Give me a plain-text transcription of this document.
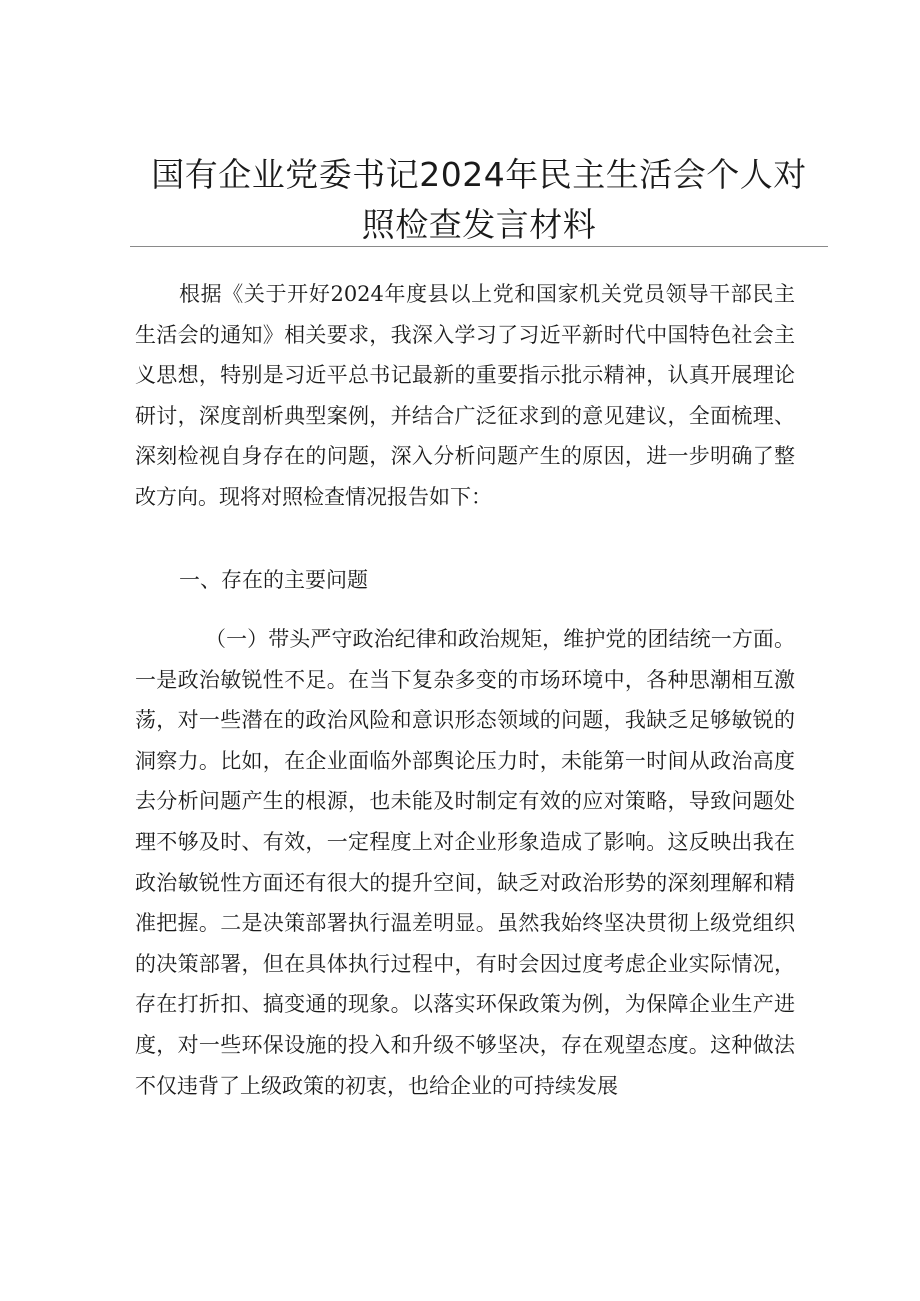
国有企业党委书记2024年民主生活会个人对
照检查发言材料
根据《关于开好2024年度县以上党和国家机关党员领导干部民主生活会的通知》相关要求，我深入学习了习近平新时代中国特色社会主义思想，特别是习近平总书记最新的重要指示批示精神，认真开展理论研讨，深度剖析典型案例，并结合广泛征求到的意见建议，全面梳理、深刻检视自身存在的问题，深入分析问题产生的原因，进一步明确了整改方向。现将对照检查情况报告如下：
一、存在的主要问题
（一）带头严守政治纪律和政治规矩，维护党的团结统一方面。一是政治敏锐性不足。在当下复杂多变的市场环境中，各种思潮相互激荡，对一些潜在的政治风险和意识形态领域的问题，我缺乏足够敏锐的洞察力。比如，在企业面临外部舆论压力时，未能第一时间从政治高度去分析问题产生的根源，也未能及时制定有效的应对策略，导致问题处理不够及时、有效，一定程度上对企业形象造成了影响。这反映出我在政治敏锐性方面还有很大的提升空间，缺乏对政治形势的深刻理解和精准把握。二是决策部署执行温差明显。虽然我始终坚决贯彻上级党组织的决策部署，但在具体执行过程中，有时会因过度考虑企业实际情况，存在打折扣、搞变通的现象。以落实环保政策为例，为保障企业生产进度，对一些环保设施的投入和升级不够坚决，存在观望态度。这种做法不仅违背了上级政策的初衷，也给企业的可持续发展
